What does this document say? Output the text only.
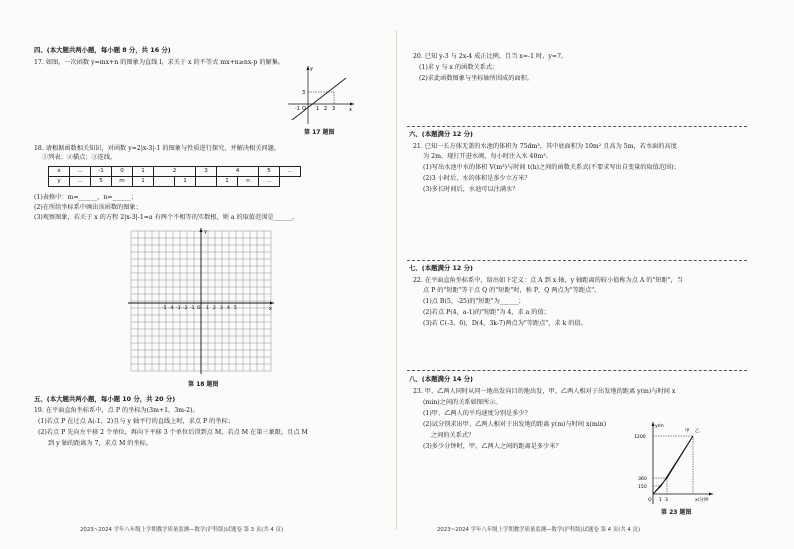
四、(本大题共两小题，每小题 8 分，共 16 分)
17. 如图，一次函数 y=mx+n 的图象为直线 l，求关于 x 的不等式 mx+n≥nx-p 的解集。
-1 O 1 2 3
3
x
y
第 17 题图
18. 请根据函数相关知识，对函数 y=2|x-3|-1 的图象与性质进行探究，并解决相关问题。
①列表；②描点；③连线。
x	…	-1	0	1	2		3	4		5	…
y	…	5	m	1		1		1	n	…	
(1)表格中：m=______，n=______；
(2)在所给坐标系中画出该函数的图象；
(3)观察图象，若关于 x 的方程 2|x-3|-1=a 有两个不相等的实数根，则 a 的取值范围是______。
-5 -4 -3 -2 -1 O 1 2 3 4 5	x
y
第 18 题图
五、(本大题共两小题，每小题 10 分，共 20 分)
19. 在平面直角坐标系中，点 P 的坐标为(3m+1，3m-2)。
(1)若点 P 在过点 A(-1，2)且与 y 轴平行的直线上时，求点 P 的坐标；
(2)若点 P 先向左平移 2 个单位，再向下平移 3 个单位后得到点 M，若点 M 在第三象限，且点 M
到 y 轴的距离为 7，求点 M 的坐标。
2023~2024 学年八年级上学期教学质量监测—数学(沪科版)试题卷 第 3 页(共 4 页)
20. 已知 y-3 与 2x-4 成正比例，且当 x=-1 时，y=7。
(1)求 y 与 x 的函数关系式；
(2)求此函数图象与坐标轴所围成的面积。
六、(本题满分 12 分)
21. 已知一长方体无盖的水池的体积为 75dm³，其中底面积为 10m² 且高为 5m，若水面的高度
为 2m，现打开进水阀，每小时注入水 40m³。
(1)写出水池中水的体积 V(m³)与时间 t(h)之间的函数关系式(不要求写出自变量的取值范围)；
(2)3 小时后，水的体积是多少立方米？
(3)多长时间后，水池可以注满水？
七、(本题满分 12 分)
22. 在平面直角坐标系中，给出如下定义：点 A 到 x 轴，y 轴距离的较小值称为点 A 的"短距"，当
点 P 的"短距"等于点 Q 的"短距"时，称 P，Q 两点为"等距点"。
(1)点 B(5，-25)的"短距"为______；
(2)若点 P(4，a-1)的"短距"为 4，求 a 的值；
(3)若 C(-3，6)，D(4，3k-7)两点为"等距点"，求 k 的值。
八、(本题满分 14 分)
23. 甲、乙两人同时从同一地出发向目的地出发，甲、乙两人相对于出发地的距离 y(m)与时间 x
(min)之间的关系如图所示。
(1)甲、乙两人的平均速度分别是多少？
(2)试分别求出甲、乙两人相对于出发地的距离 y(m)与时间 x(min)
之间的关系式？
(3)多少分钟时，甲、乙两人之间的距离是多少米？
1200
360
150
O 1 3
甲 乙
y/m
x/分钟
第 23 题图
2023~2024 学年八年级上学期教学质量监测—数学(沪科版)试题卷 第 4 页(共 4 页)
